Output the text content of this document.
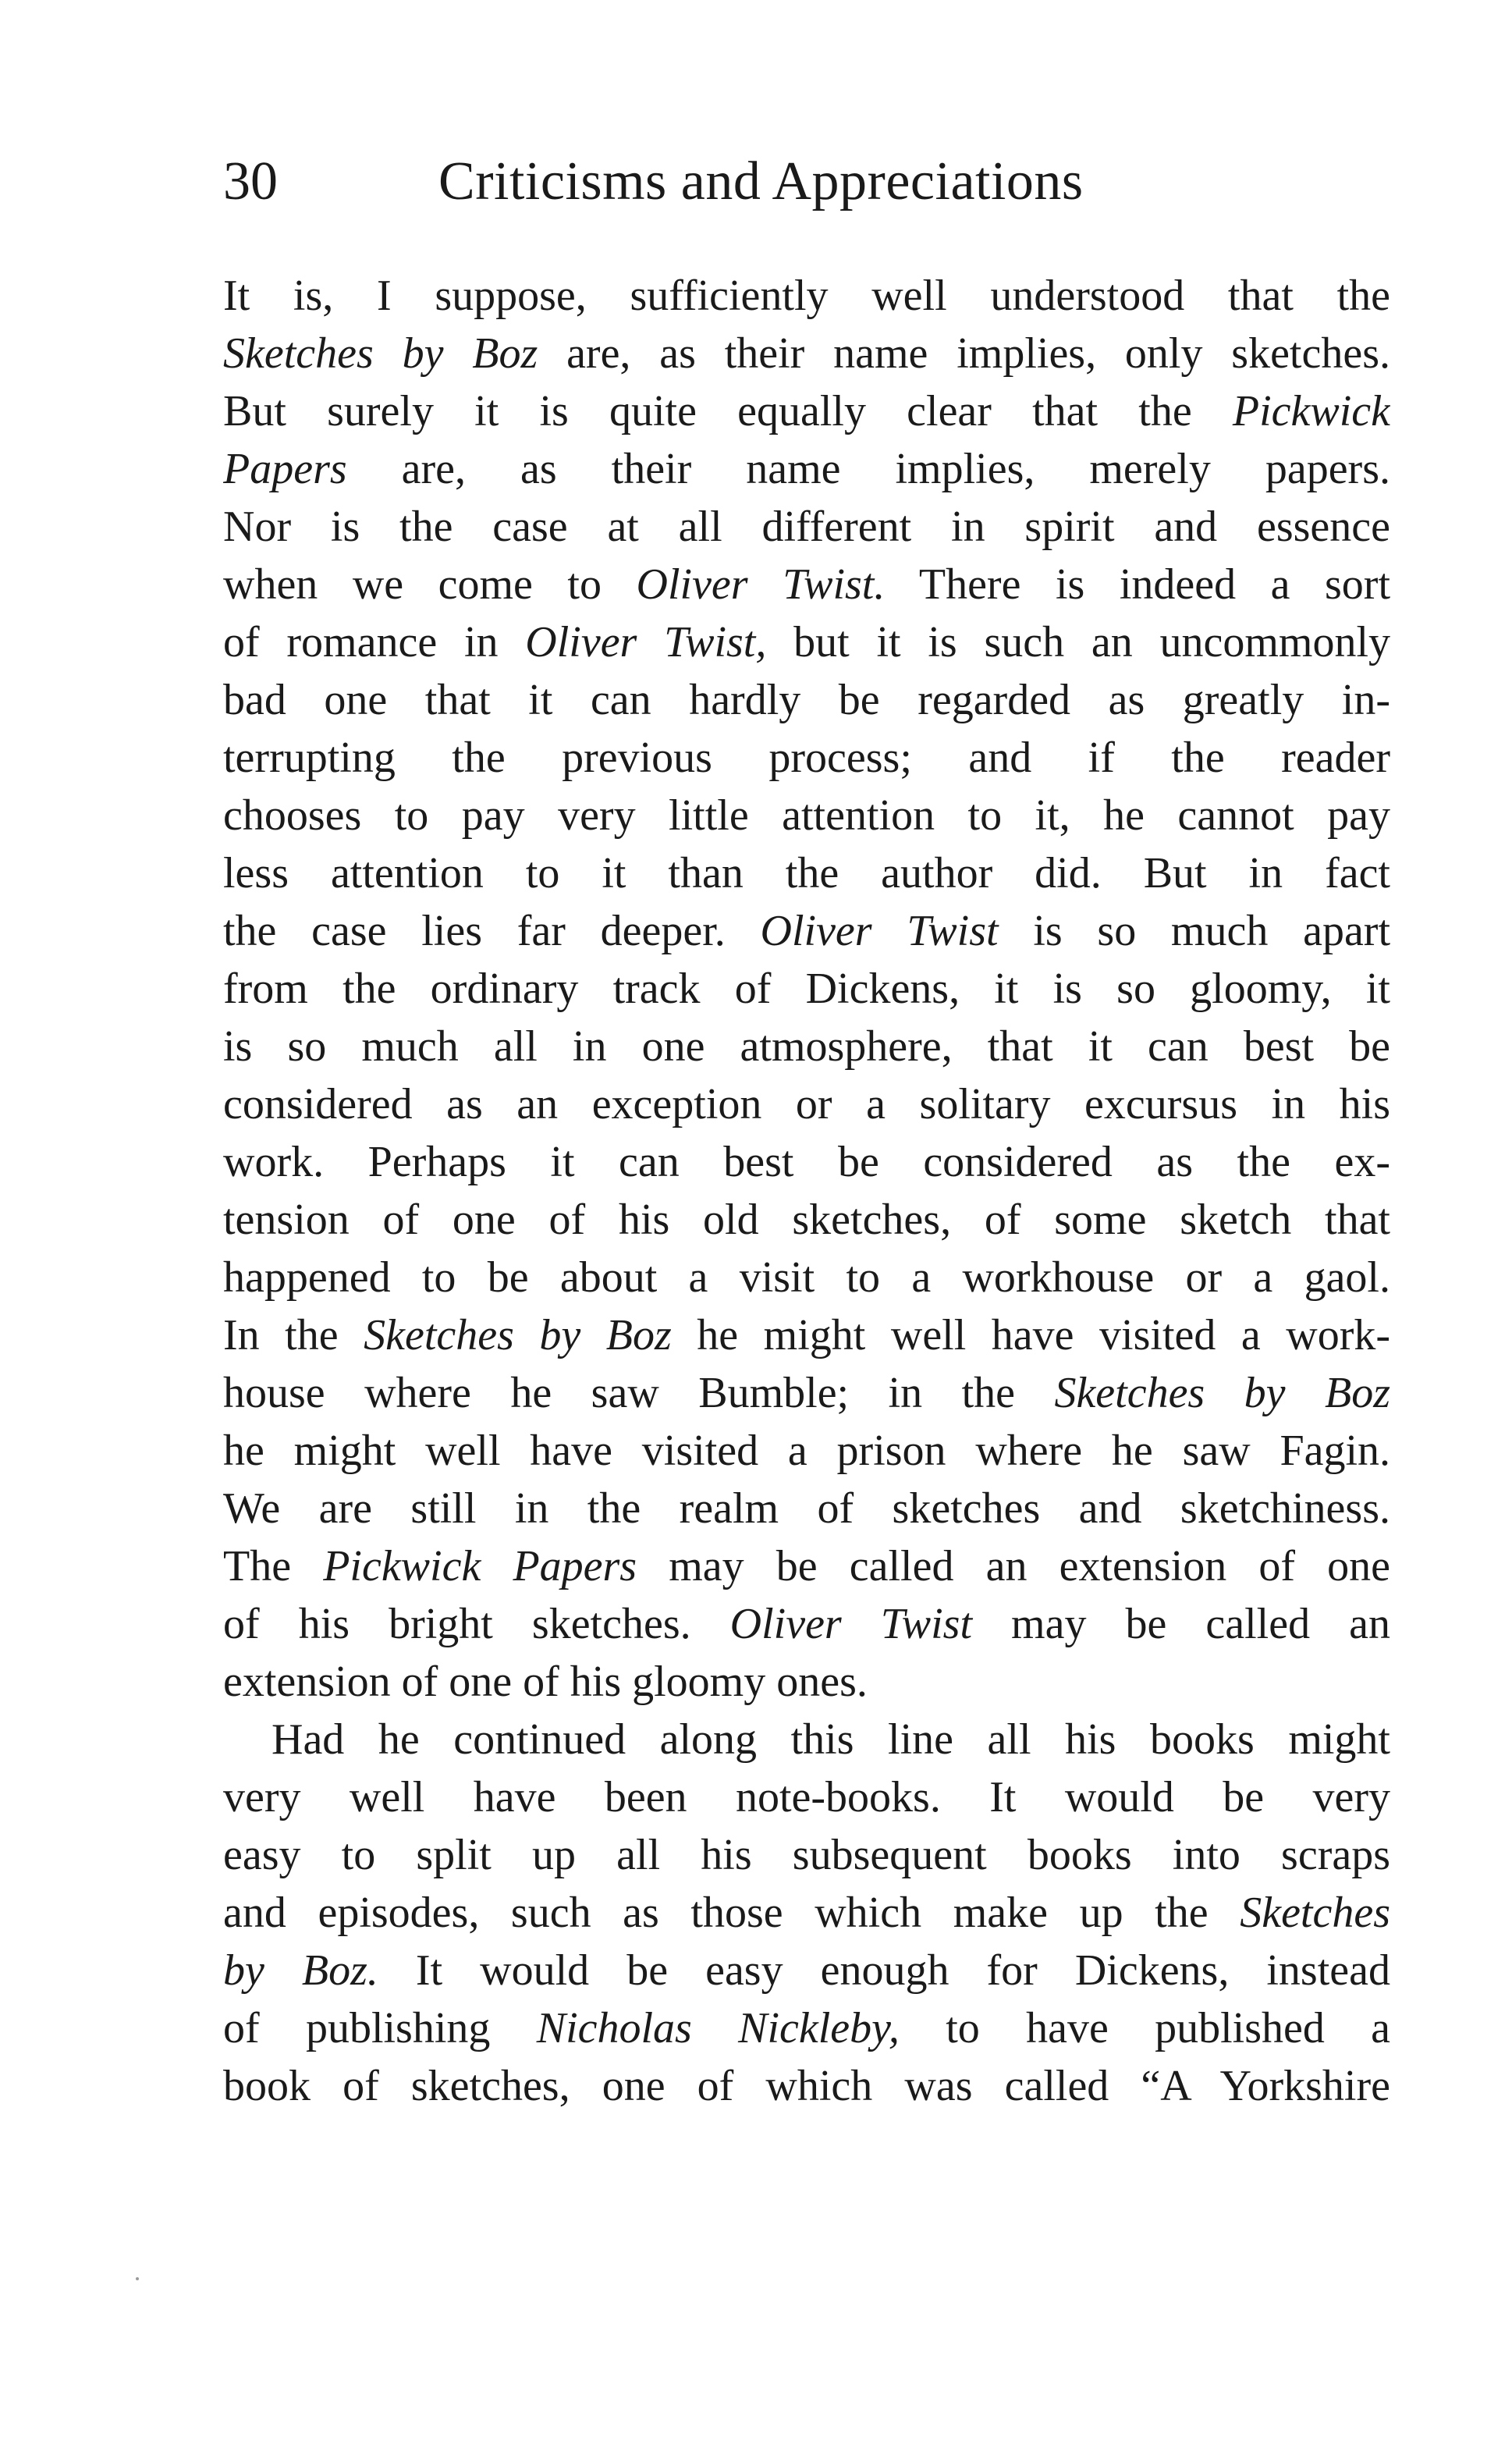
30	Criticisms and Appreciations
It is, I suppose, sufficiently well understood that the
Sketches by Boz are, as their name implies, only sketches.
But surely it is quite equally clear that the Pickwick
Papers are, as their name implies, merely papers.
Nor is the case at all different in spirit and essence
when we come to Oliver Twist. There is indeed a sort
of romance in Oliver Twist, but it is such an uncommonly
bad one that it can hardly be regarded as greatly in-
terrupting the previous process; and if the reader
chooses to pay very little attention to it, he cannot pay
less attention to it than the author did. But in fact
the case lies far deeper. Oliver Twist is so much apart
from the ordinary track of Dickens, it is so gloomy, it
is so much all in one atmosphere, that it can best be
considered as an exception or a solitary excursus in his
work. Perhaps it can best be considered as the ex-
tension of one of his old sketches, of some sketch that
happened to be about a visit to a workhouse or a gaol.
In the Sketches by Boz he might well have visited a work-
house where he saw Bumble; in the Sketches by Boz
he might well have visited a prison where he saw Fagin.
We are still in the realm of sketches and sketchiness.
The Pickwick Papers may be called an extension of one
of his bright sketches. Oliver Twist may be called an
extension of one of his gloomy ones.
Had he continued along this line all his books might
very well have been note-books. It would be very
easy to split up all his subsequent books into scraps
and episodes, such as those which make up the Sketches
by Boz. It would be easy enough for Dickens, instead
of publishing Nicholas Nickleby, to have published a
book of sketches, one of which was called “A Yorkshire
